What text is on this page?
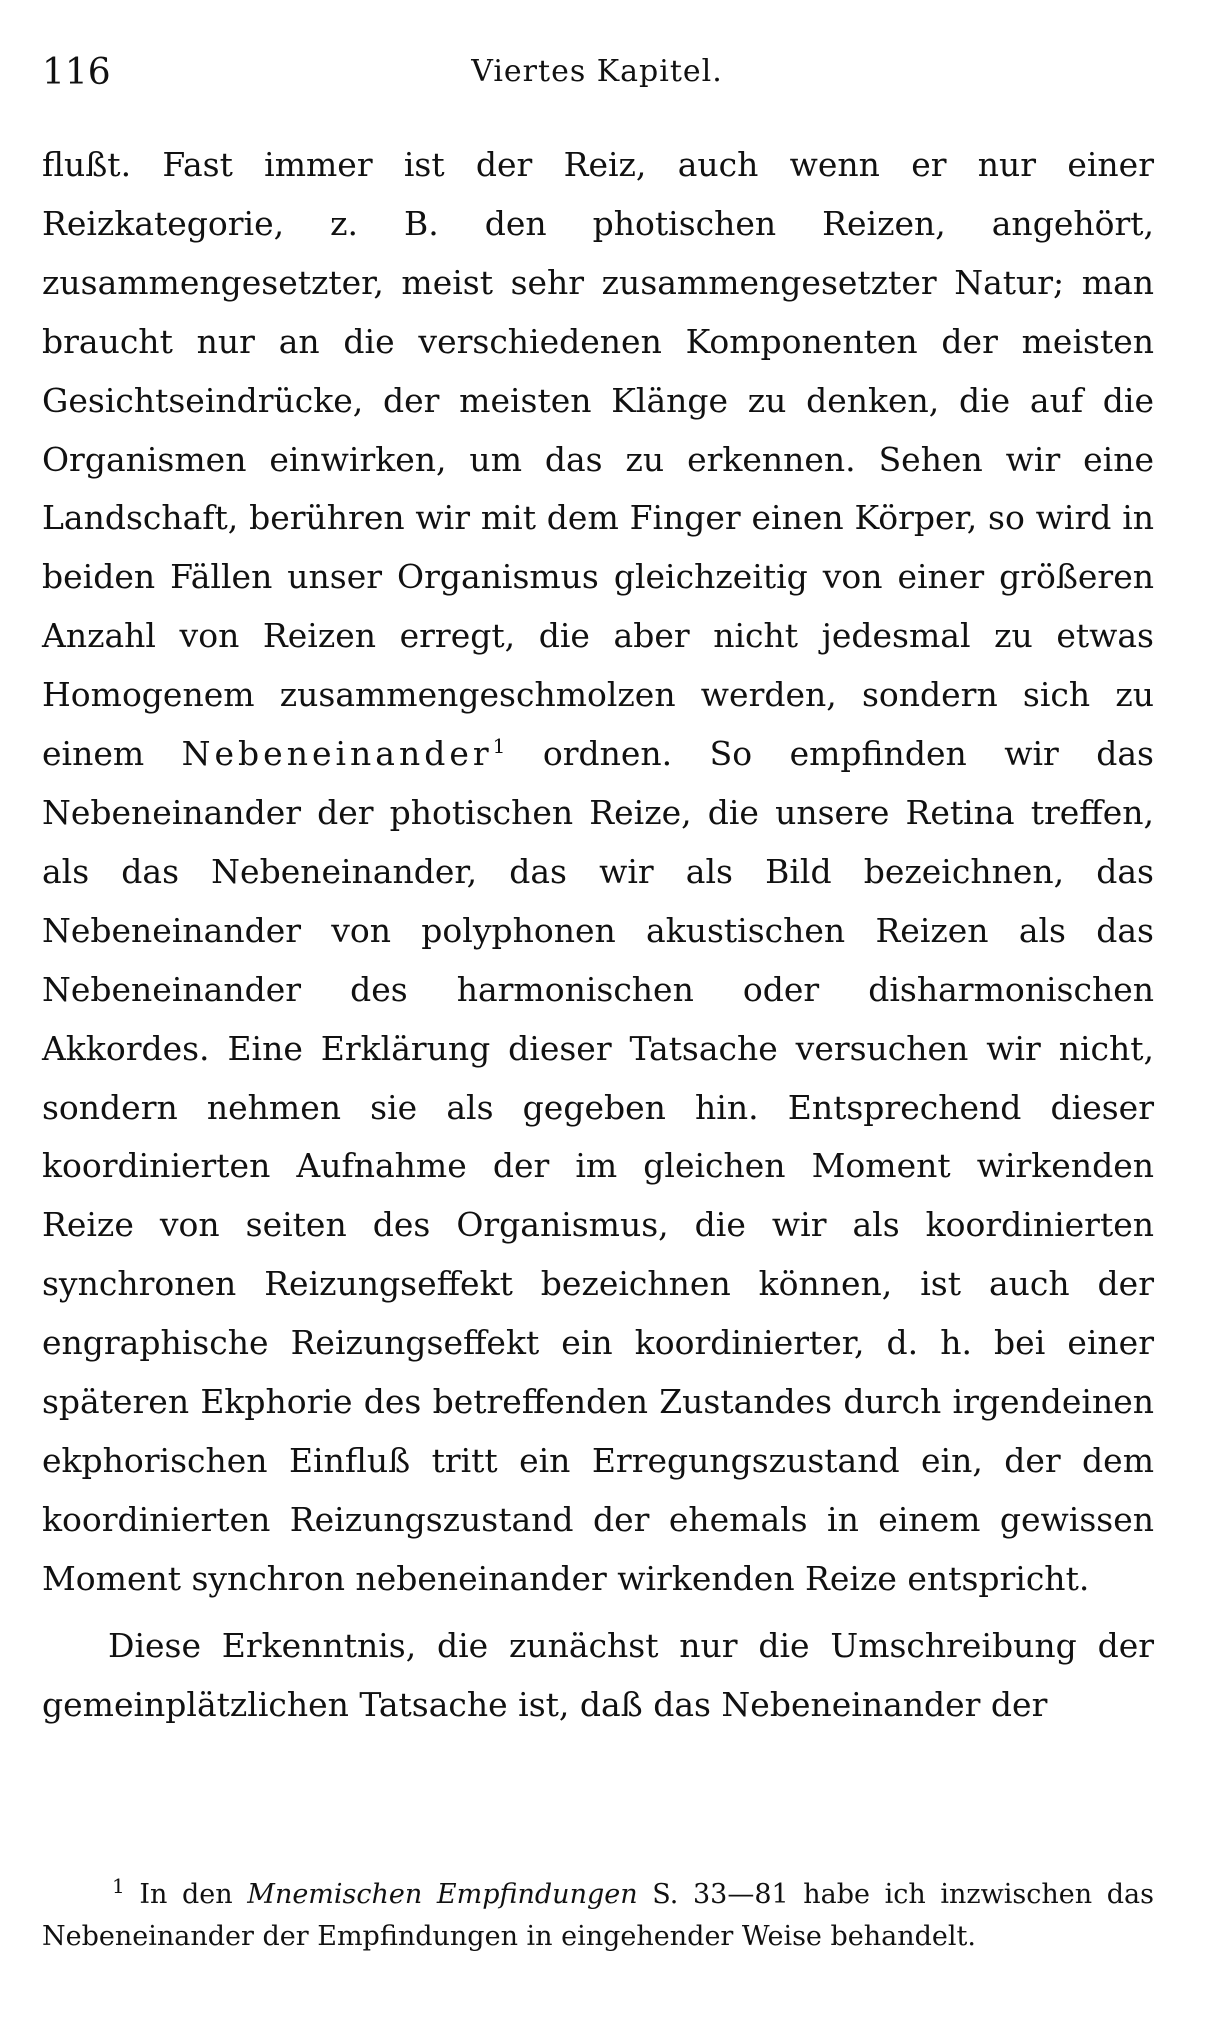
116	Viertes Kapitel.

flußt. Fast immer ist der Reiz, auch wenn er nur einer Reizkategorie, z. B. den photischen Reizen, angehört, zusammengesetzter, meist sehr zusammengesetzter Natur; man braucht nur an die verschiedenen Komponenten der meisten Gesichtseindrücke, der meisten Klänge zu denken, die auf die Organismen einwirken, um das zu erkennen. Sehen wir eine Landschaft, berühren wir mit dem Finger einen Körper, so wird in beiden Fällen unser Organismus gleichzeitig von einer größeren Anzahl von Reizen erregt, die aber nicht jedesmal zu etwas Homogenem zusammengeschmolzen werden, sondern sich zu einem Nebeneinander$^1$ ordnen. So empfinden wir das Nebeneinander der photischen Reize, die unsere Retina treffen, als das Nebeneinander, das wir als Bild bezeichnen, das Nebeneinander von polyphonen akustischen Reizen als das Nebeneinander des harmonischen oder disharmonischen Akkordes. Eine Erklärung dieser Tatsache versuchen wir nicht, sondern nehmen sie als gegeben hin. Entsprechend dieser koordinierten Aufnahme der im gleichen Moment wirkenden Reize von seiten des Organismus, die wir als koordinierten synchronen Reizungseffekt bezeichnen können, ist auch der engraphische Reizungseffekt ein koordinierter, d. h. bei einer späteren Ekphorie des betreffenden Zustandes durch irgendeinen ekphorischen Einfluß tritt ein Erregungszustand ein, der dem koordinierten Reizungszustand der ehemals in einem gewissen Moment synchron nebeneinander wirkenden Reize entspricht.

Diese Erkenntnis, die zunächst nur die Umschreibung der gemeinplätzlichen Tatsache ist, daß das Nebeneinander der

$^1$ In den Mnemischen Empfindungen S. 33—81 habe ich inzwischen das Nebeneinander der Empfindungen in eingehender Weise behandelt.
